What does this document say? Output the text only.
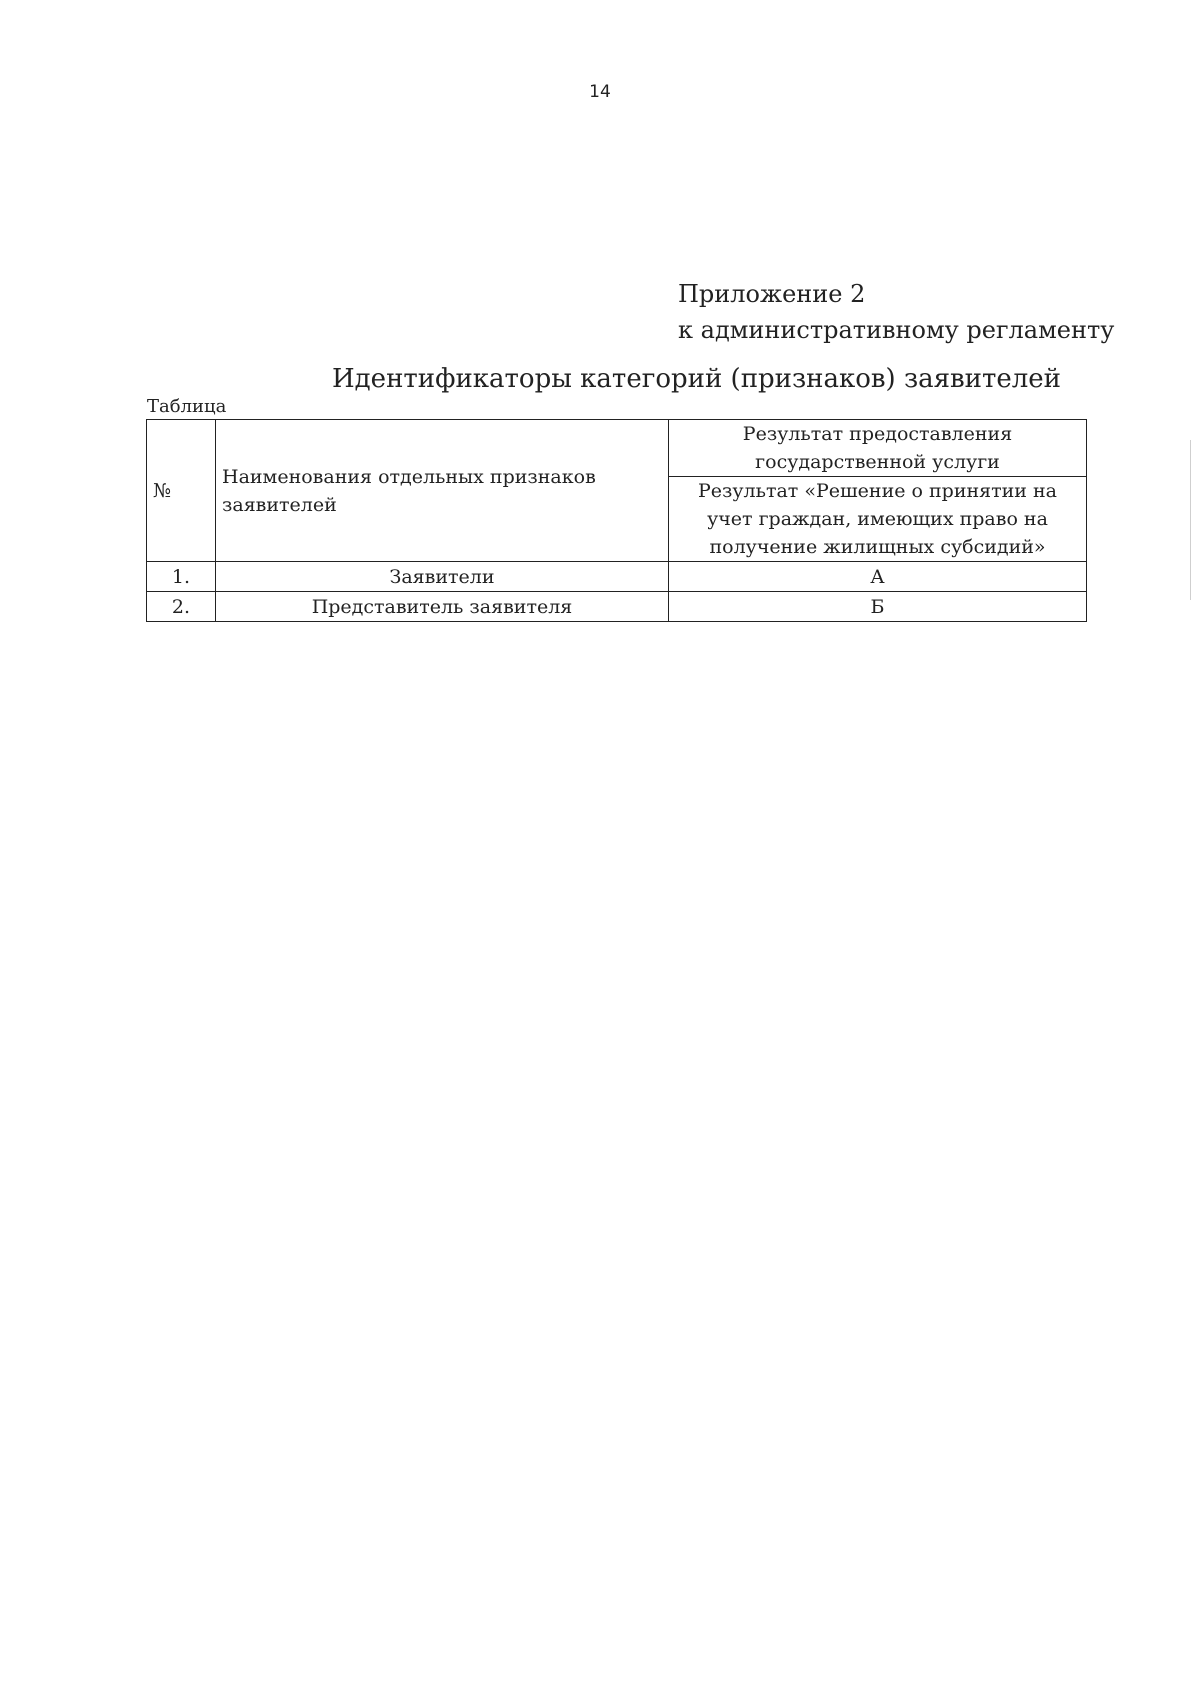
14
Приложение 2
к административному регламенту
Идентификаторы категорий (признаков) заявителей
Таблица
№	Наименования отдельных признаков заявителей	Результат предоставления государственной услуги
		Результат «Решение о принятии на учет граждан, имеющих право на получение жилищных субсидий»
1.	Заявители	А
2.	Представитель заявителя	Б
